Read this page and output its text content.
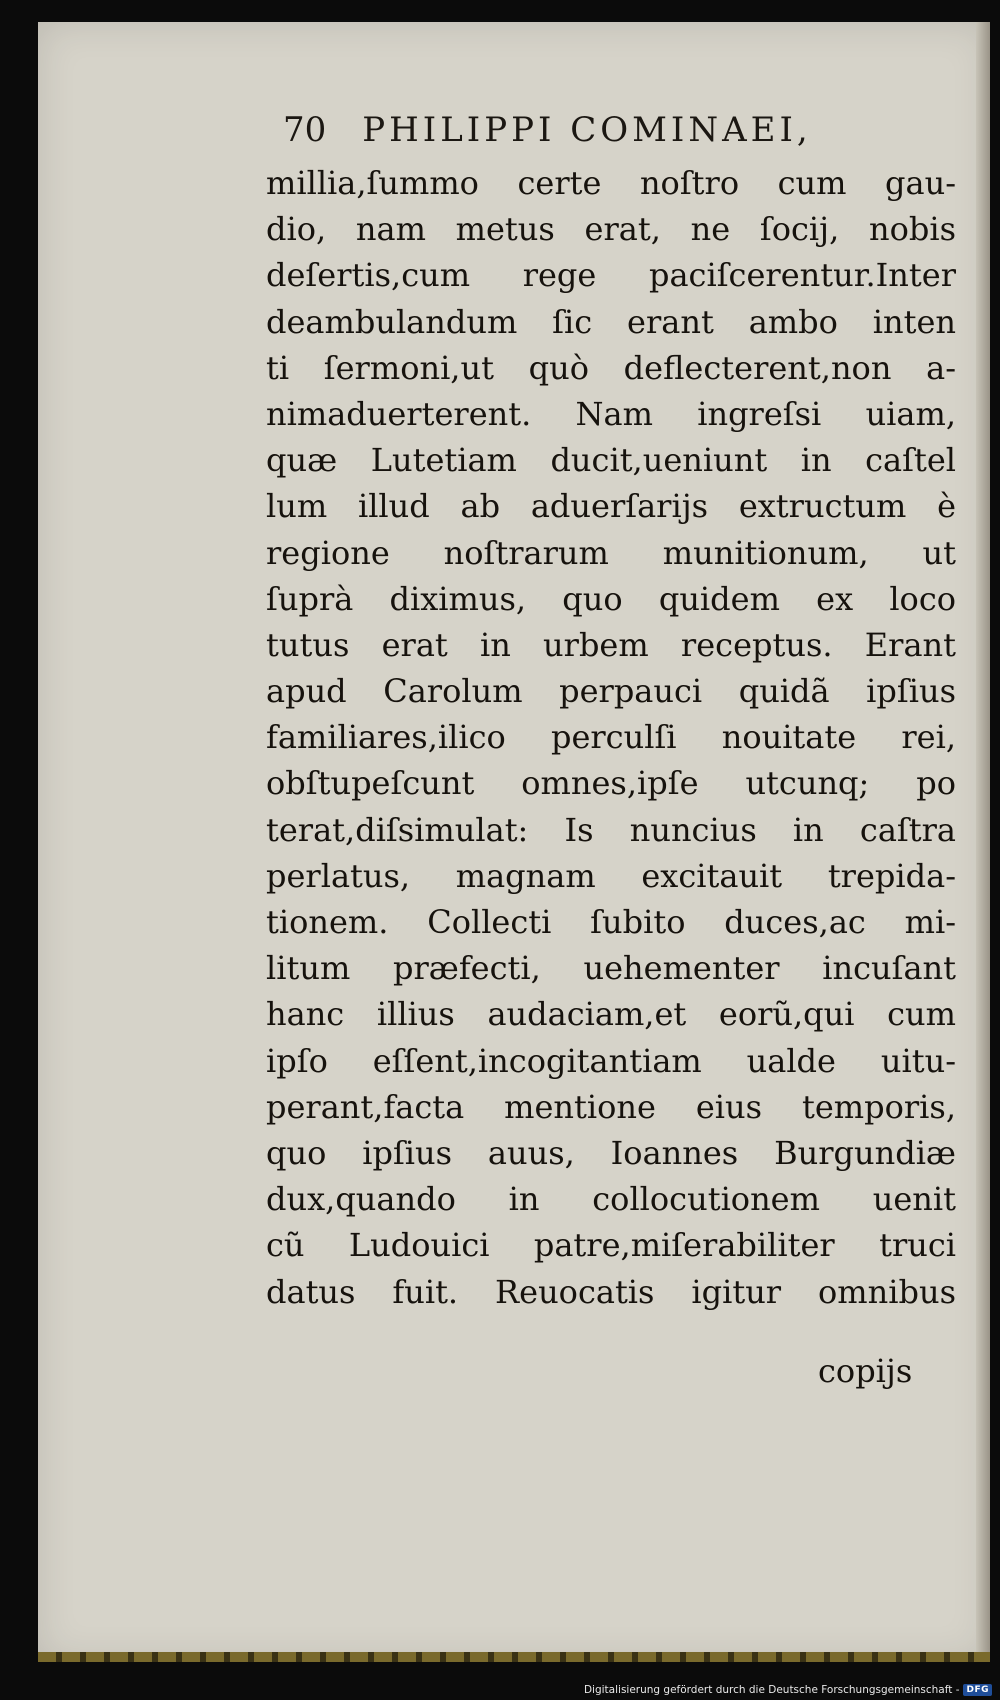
70 PHILIPPI COMINAEI,
millia,ſummo certe noſtro cum gau-
dio, nam metus erat, ne ſocij, nobis
deſertis,cum rege paciſcerentur.Inter
deambulandum ſic erant ambo inten
ti ſermoni,ut quò deflecterent,non a-
nimaduerterent. Nam ingreſsi uiam,
quæ Lutetiam ducit,ueniunt in caſtel
lum illud ab aduerſarijs extructum è
regione noſtrarum munitionum, ut
ſuprà diximus, quo quidem ex loco
tutus erat in urbem receptus. Erant
apud Carolum perpauci quidã ipſius
familiares,ilico perculſi nouitate rei,
obſtupeſcunt omnes,ipſe utcunq; po
terat,diſsimulat: Is nuncius in caſtra
perlatus, magnam excitauit trepida-
tionem. Collecti ſubito duces,ac mi-
litum præfecti, uehementer incuſant
hanc illius audaciam,et eorũ,qui cum
ipſo eſſent,incogitantiam ualde uitu-
perant,facta mentione eius temporis,
quo ipſius auus, Ioannes Burgundiæ
dux,quando in collocutionem uenit
cũ Ludouici patre,miſerabiliter truci
datus fuit. Reuocatis igitur omnibus
copijs
Digitalisierung gefördert durch die Deutsche Forschungsgemeinschaft - DFG
